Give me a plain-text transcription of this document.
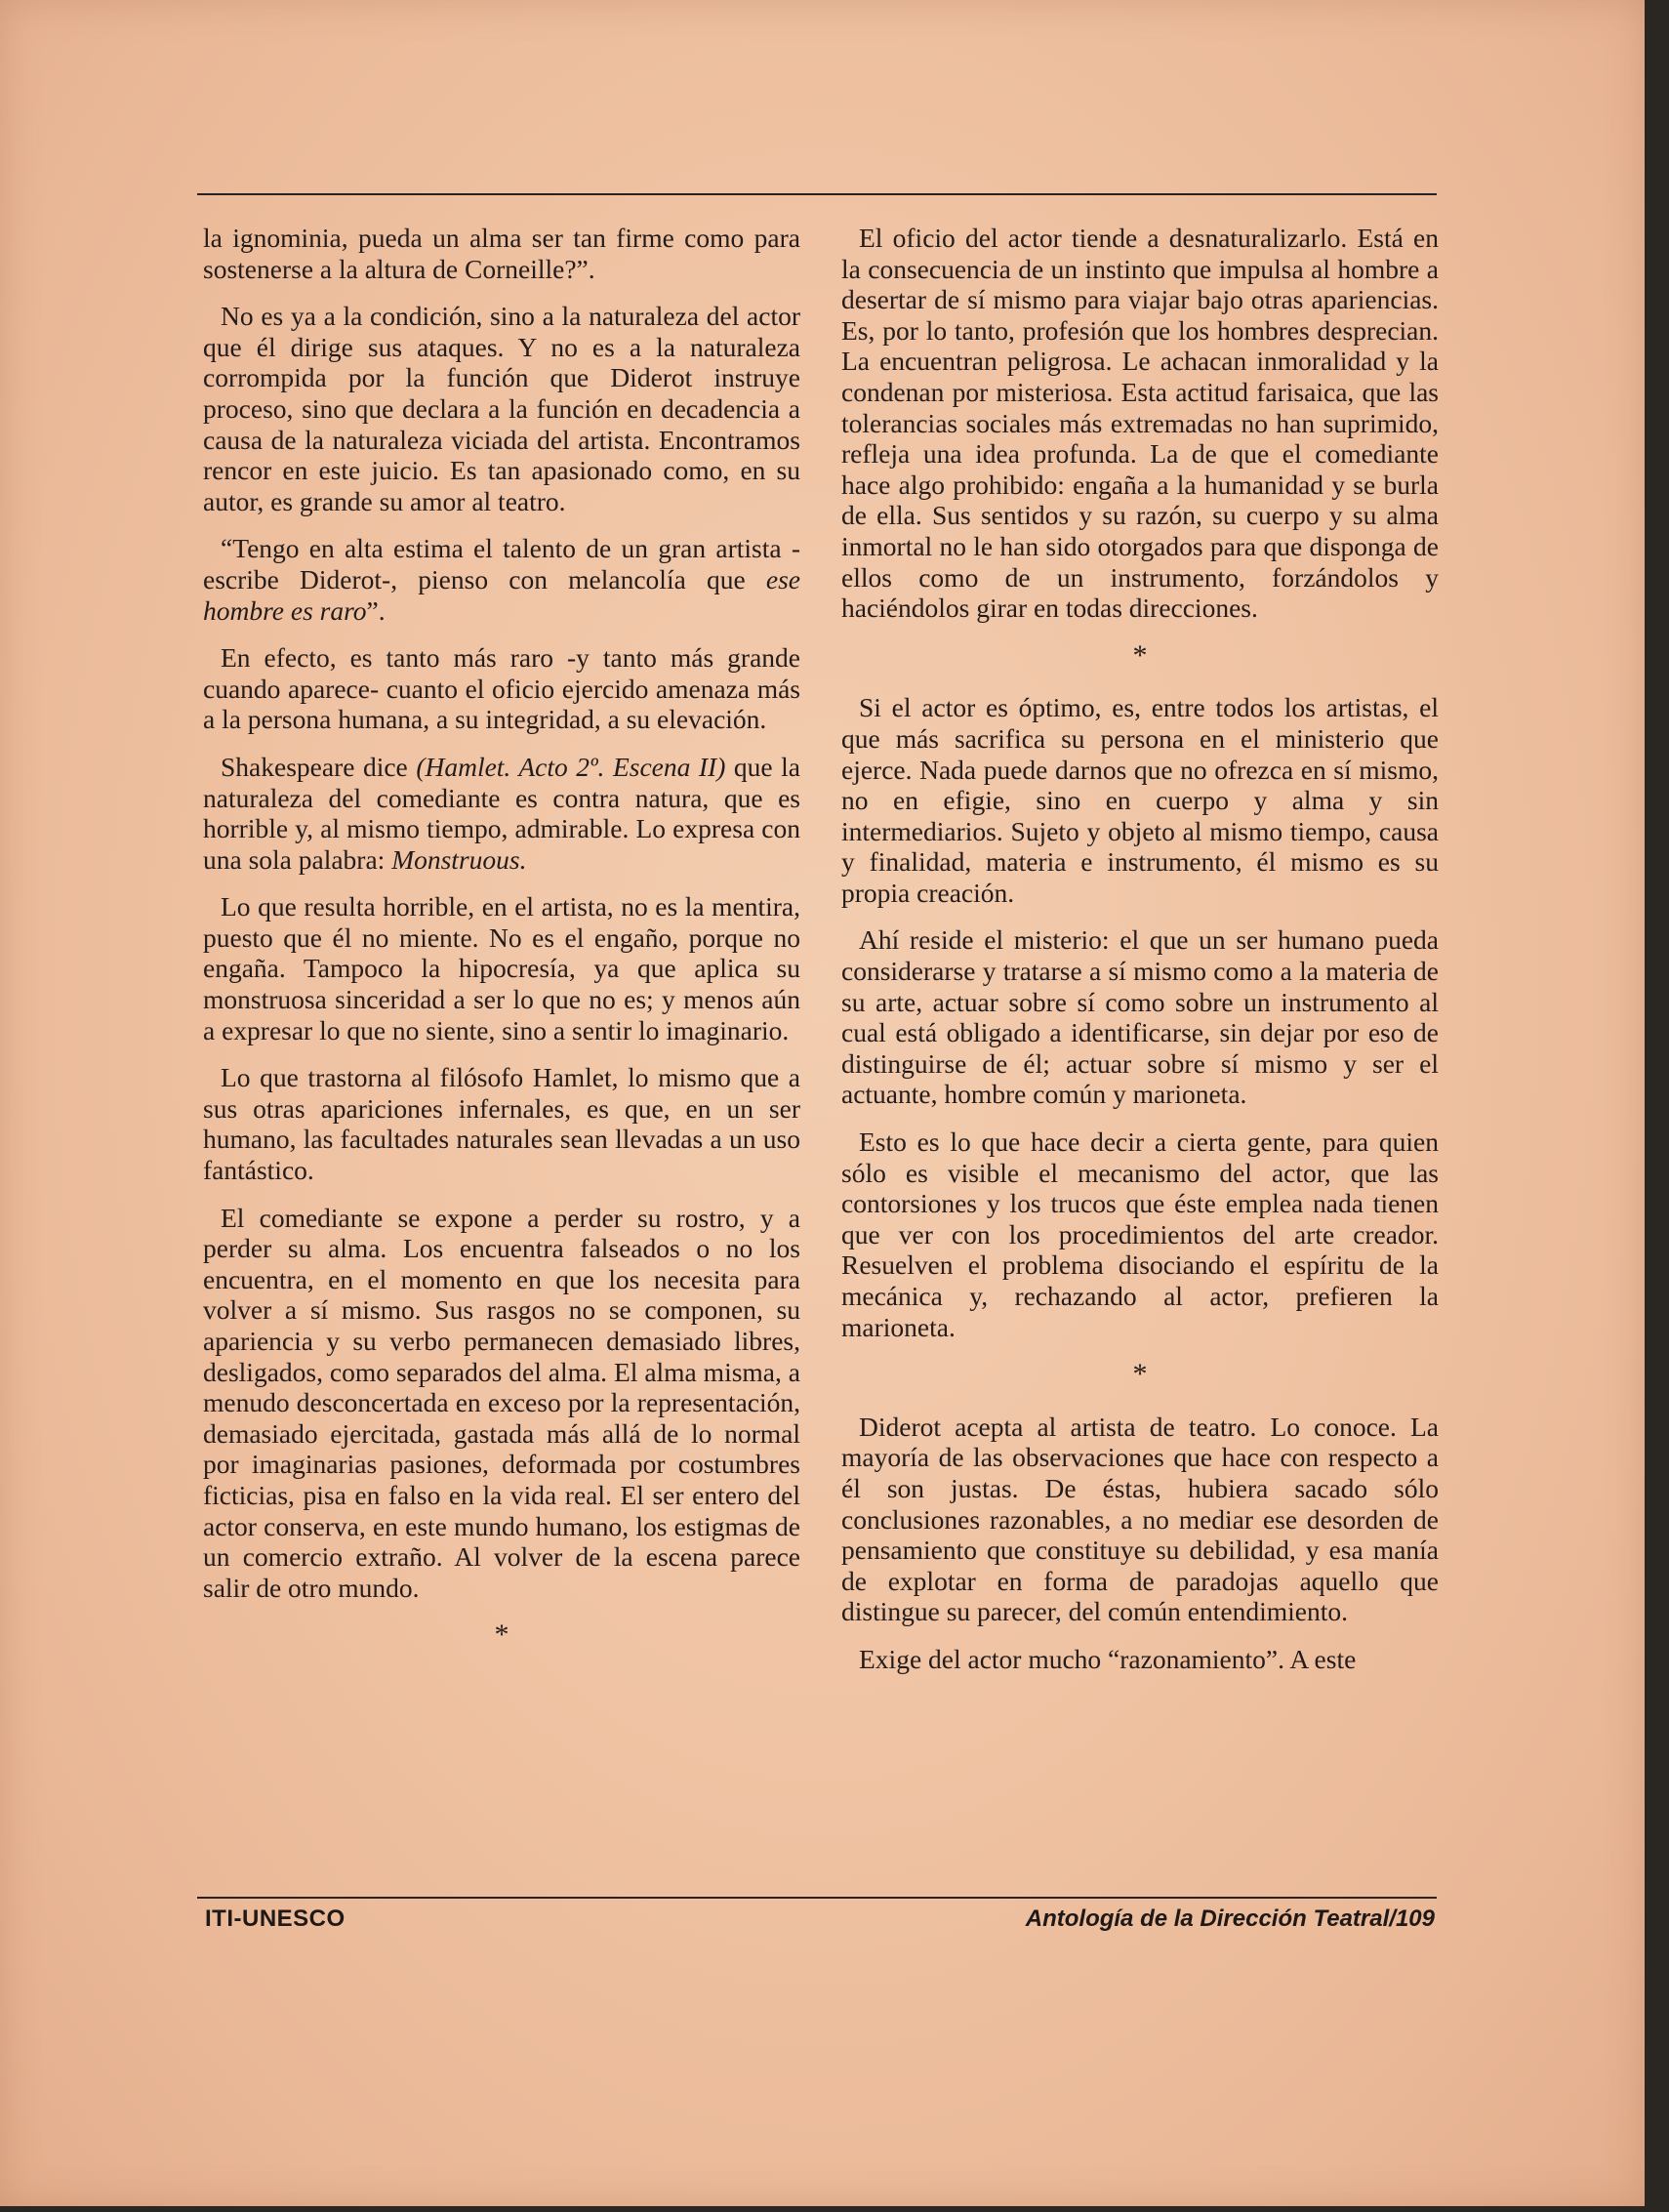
la ignominia, pueda un alma ser tan firme como para sostenerse a la altura de Corneille?”.

No es ya a la condición, sino a la naturaleza del actor que él dirige sus ataques. Y no es a la naturaleza corrompida por la función que Diderot instruye proceso, sino que declara a la función en decadencia a causa de la naturaleza viciada del artista. Encontramos rencor en este juicio. Es tan apasionado como, en su autor, es grande su amor al teatro.

“Tengo en alta estima el talento de un gran artista -escribe Diderot-, pienso con melancolía que ese hombre es raro”.

En efecto, es tanto más raro -y tanto más grande cuando aparece- cuanto el oficio ejercido amenaza más a la persona humana, a su integridad, a su elevación.

Shakespeare dice (Hamlet. Acto 2º. Escena II) que la naturaleza del comediante es contra natura, que es horrible y, al mismo tiempo, admirable. Lo expresa con una sola palabra: Monstruous.

Lo que resulta horrible, en el artista, no es la mentira, puesto que él no miente. No es el engaño, porque no engaña. Tampoco la hipocresía, ya que aplica su monstruosa sinceridad a ser lo que no es; y menos aún a expresar lo que no siente, sino a sentir lo imaginario.

Lo que trastorna al filósofo Hamlet, lo mismo que a sus otras apariciones infernales, es que, en un ser humano, las facultades naturales sean llevadas a un uso fantástico.

El comediante se expone a perder su rostro, y a perder su alma. Los encuentra falseados o no los encuentra, en el momento en que los necesita para volver a sí mismo. Sus rasgos no se componen, su apariencia y su verbo permanecen demasiado libres, desligados, como separados del alma. El alma misma, a menudo desconcertada en exceso por la representación, demasiado ejercitada, gastada más allá de lo normal por imaginarias pasiones, deformada por costumbres ficticias, pisa en falso en la vida real. El ser entero del actor conserva, en este mundo humano, los estigmas de un comercio extraño. Al volver de la escena parece salir de otro mundo.

*

El oficio del actor tiende a desnaturalizarlo. Está en la consecuencia de un instinto que impulsa al hombre a desertar de sí mismo para viajar bajo otras apariencias. Es, por lo tanto, profesión que los hombres desprecian. La encuentran peligrosa. Le achacan inmoralidad y la condenan por misteriosa. Esta actitud farisaica, que las tolerancias sociales más extremadas no han suprimido, refleja una idea profunda. La de que el comediante hace algo prohibido: engaña a la humanidad y se burla de ella. Sus sentidos y su razón, su cuerpo y su alma inmortal no le han sido otorgados para que disponga de ellos como de un instrumento, forzándolos y haciéndolos girar en todas direcciones.

*

Si el actor es óptimo, es, entre todos los artistas, el que más sacrifica su persona en el ministerio que ejerce. Nada puede darnos que no ofrezca en sí mismo, no en efigie, sino en cuerpo y alma y sin intermediarios. Sujeto y objeto al mismo tiempo, causa y finalidad, materia e instrumento, él mismo es su propia creación.

Ahí reside el misterio: el que un ser humano pueda considerarse y tratarse a sí mismo como a la materia de su arte, actuar sobre sí como sobre un instrumento al cual está obligado a identificarse, sin dejar por eso de distinguirse de él; actuar sobre sí mismo y ser el actuante, hombre común y marioneta.

Esto es lo que hace decir a cierta gente, para quien sólo es visible el mecanismo del actor, que las contorsiones y los trucos que éste emplea nada tienen que ver con los procedimientos del arte creador. Resuelven el problema disociando el espíritu de la mecánica y, rechazando al actor, prefieren la marioneta.

*

Diderot acepta al artista de teatro. Lo conoce. La mayoría de las observaciones que hace con respecto a él son justas. De éstas, hubiera sacado sólo conclusiones razonables, a no mediar ese desorden de pensamiento que constituye su debilidad, y esa manía de explotar en forma de paradojas aquello que distingue su parecer, del común entendimiento.

Exige del actor mucho “razonamiento”. A este

ITI-UNESCO	Antología de la Dirección Teatral/109
